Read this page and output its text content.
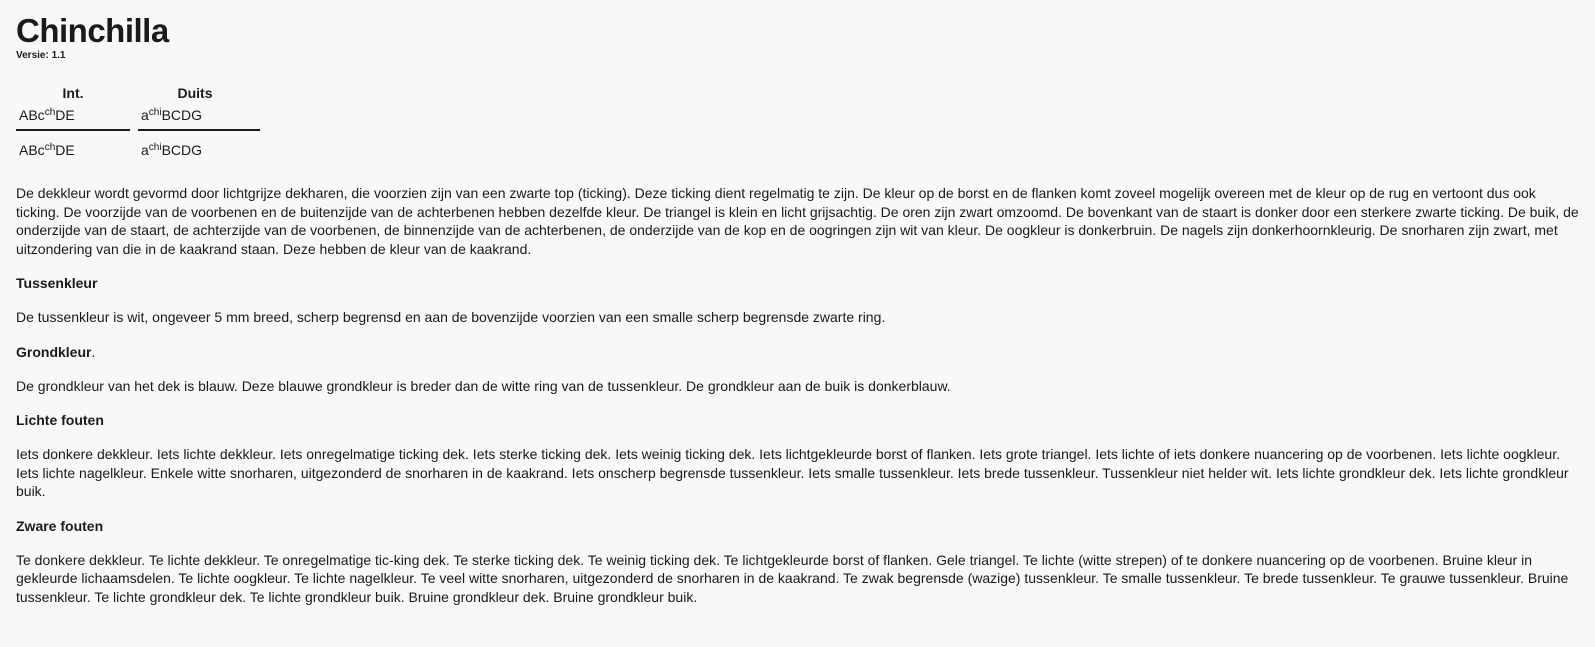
Chinchilla
Versie: 1.1
Int.
ABc$^{ch}$DE
ABc$^{ch}$DE
Duits
$a^{chi}BCDG$
$a^{chi}BCDG$

De dekkleur wordt gevormd door lichtgrijze dekharen, die voorzien zijn van een zwarte top (ticking). Deze ticking dient regelmatig te zijn. De kleur op de borst en de flanken komt zoveel mogelijk overeen met de kleur op de rug en vertoont dus ook ticking. De voorzijde van de voorbenen en de buitenzijde van de achterbenen hebben dezelfde kleur. De triangel is klein en licht grijsachtig. De oren zijn zwart omzoomd. De bovenkant van de staart is donker door een sterkere zwarte ticking. De buik, de onderzijde van de staart, de achterzijde van de voorbenen, de binnenzijde van de achterbenen, de onderzijde van de kop en de oogringen zijn wit van kleur. De oogkleur is donkerbruin. De nagels zijn donkerhoornkleurig. De snorharen zijn zwart, met uitzondering van die in de kaakrand staan. Deze hebben de kleur van de kaakrand.

Tussenkleur

De tussenkleur is wit, ongeveer 5 mm breed, scherp begrensd en aan de bovenzijde voorzien van een smalle scherp begrensde zwarte ring.

Grondkleur.

De grondkleur van het dek is blauw. Deze blauwe grondkleur is breder dan de witte ring van de tussenkleur. De grondkleur aan de buik is donkerblauw.

Lichte fouten

Iets donkere dekkleur. Iets lichte dekkleur. Iets onregelmatige ticking dek. Iets sterke ticking dek. Iets weinig ticking dek. Iets lichtgekleurde borst of flanken. Iets grote triangel. Iets lichte of iets donkere nuancering op de voorbenen. Iets lichte oogkleur. Iets lichte nagelkleur. Enkele witte snorharen, uitgezonderd de snorharen in de kaakrand. Iets onscherp begrensde tussenkleur. Iets smalle tussenkleur. Iets brede tussenkleur. Tussenkleur niet helder wit. Iets lichte grondkleur dek. Iets lichte grondkleur buik.

Zware fouten

Te donkere dekkleur. Te lichte dekkleur. Te onregelmatige tic-king dek. Te sterke ticking dek. Te weinig ticking dek. Te lichtgekleurde borst of flanken. Gele triangel. Te lichte (witte strepen) of te donkere nuancering op de voorbenen. Bruine kleur in gekleurde lichaamsdelen. Te lichte oogkleur. Te lichte nagelkleur. Te veel witte snorharen, uitgezonderd de snorharen in de kaakrand. Te zwak begrensde (wazige) tussenkleur. Te smalle tussenkleur. Te brede tussenkleur. Te grauwe tussenkleur. Bruine tussenkleur. Te lichte grondkleur dek. Te lichte grondkleur buik. Bruine grondkleur dek. Bruine grondkleur buik.
